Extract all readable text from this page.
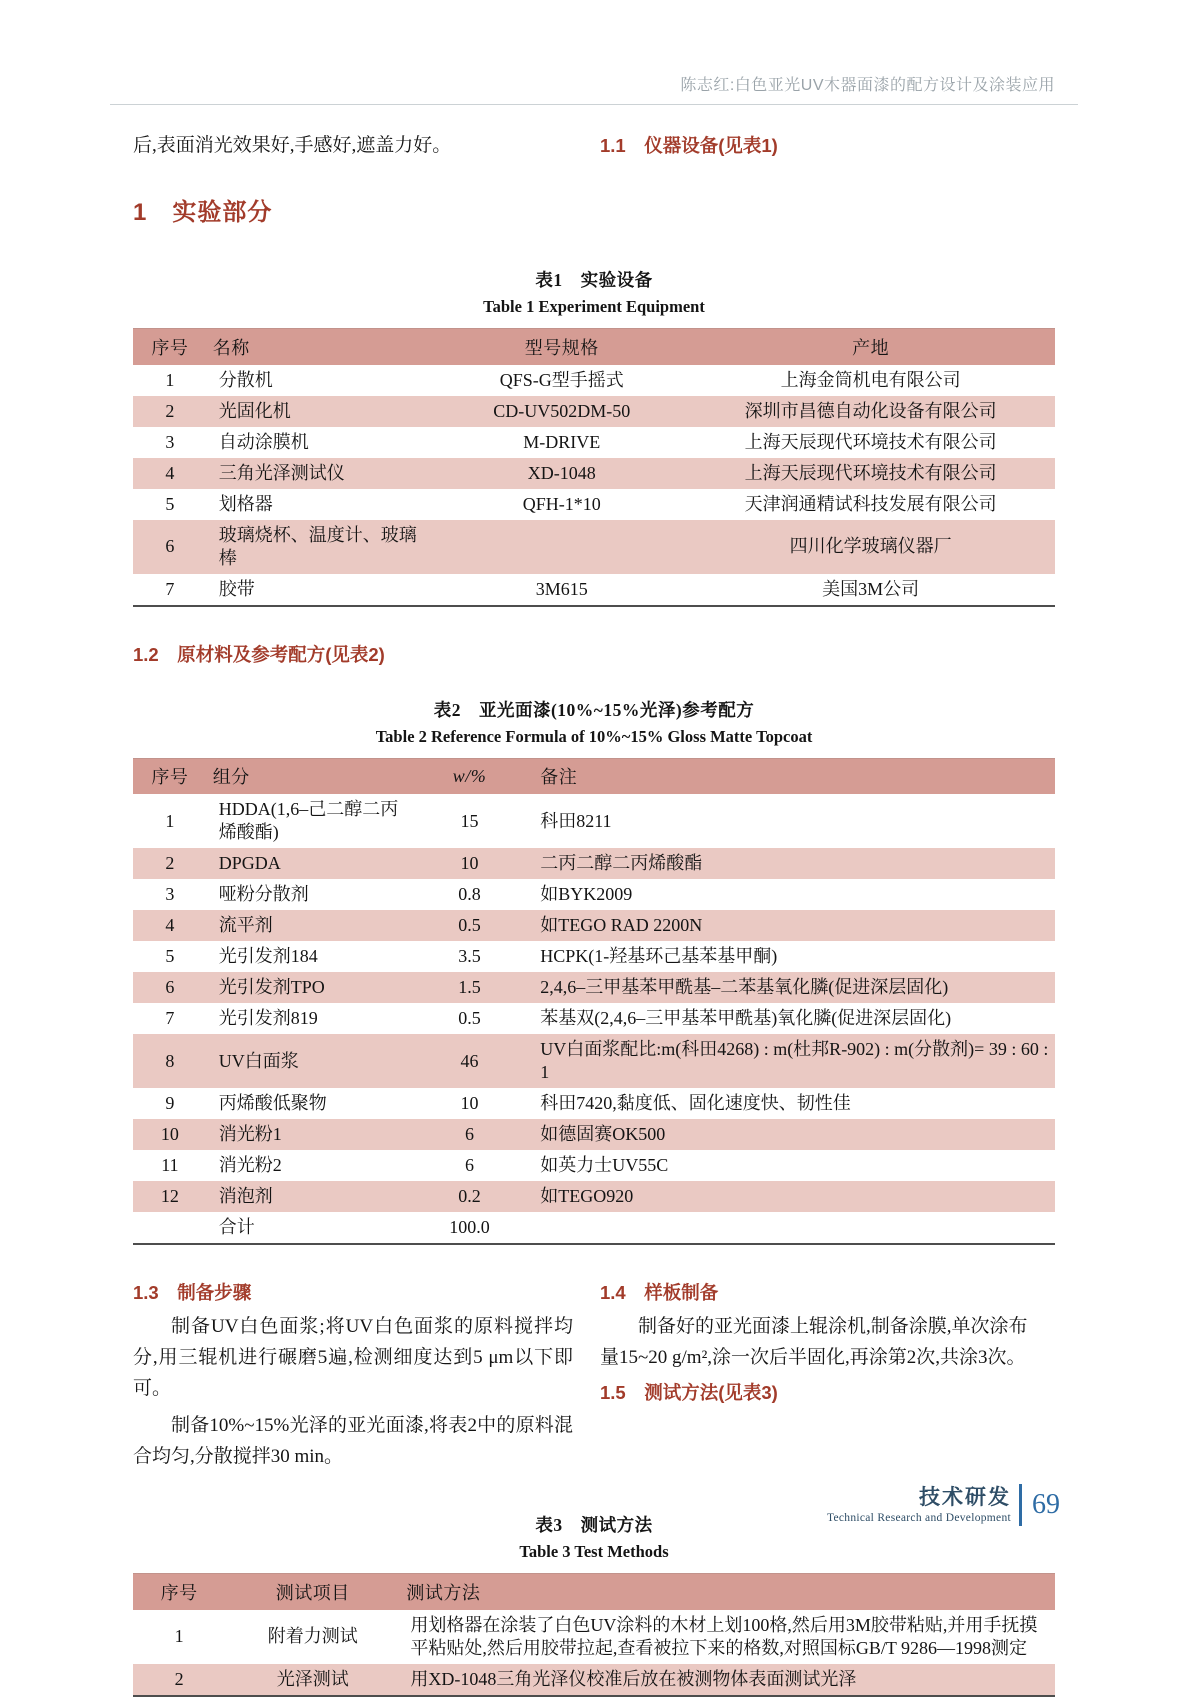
陈志红:白色亚光UV木器面漆的配方设计及涂装应用

后,表面消光效果好,手感好,遮盖力好。	1.1　仪器设备(见表1)
1　实验部分
表1　实验设备
Table 1 Experiment Equipment
序号	名称	型号规格	产地
1	分散机	QFS-G型手摇式	上海金筒机电有限公司
2	光固化机	CD-UV502DM-50	深圳市昌德自动化设备有限公司
3	自动涂膜机	M-DRIVE	上海天辰现代环境技术有限公司
4	三角光泽测试仪	XD-1048	上海天辰现代环境技术有限公司
5	划格器	QFH-1*10	天津润通精试科技发展有限公司
6	玻璃烧杯、温度计、玻璃棒		四川化学玻璃仪器厂
7	胶带	3M615	美国3M公司
1.2　原材料及参考配方(见表2)
表2　亚光面漆(10%~15%光泽)参考配方
Table 2 Reference Formula of 10%~15% Gloss Matte Topcoat
序号	组分	w/%	备注
1	HDDA(1,6–己二醇二丙烯酸酯)	15	科田8211
2	DPGDA	10	二丙二醇二丙烯酸酯
3	哑粉分散剂	0.8	如BYK2009
4	流平剂	0.5	如TEGO RAD 2200N
5	光引发剂184	3.5	HCPK(1-羟基环己基苯基甲酮)
6	光引发剂TPO	1.5	2,4,6–三甲基苯甲酰基–二苯基氧化膦(促进深层固化)
7	光引发剂819	0.5	苯基双(2,4,6–三甲基苯甲酰基)氧化膦(促进深层固化)
8	UV白面浆	46	UV白面浆配比:m(科田4268) : m(杜邦R-902) : m(分散剂)= 39 : 60 : 1
9	丙烯酸低聚物	10	科田7420,黏度低、固化速度快、韧性佳
10	消光粉1	6	如德固赛OK500
11	消光粉2	6	如英力士UV55C
12	消泡剂	0.2	如TEGO920
	合计	100.0	
1.3　制备步骤

制备UV白色面浆;将UV白色面浆的原料搅拌均分,用三辊机进行碾磨5遍,检测细度达到5 μm以下即可。

制备10%~15%光泽的亚光面漆,将表2中的原料混合均匀,分散搅拌30 min。

1.4　样板制备

制备好的亚光面漆上辊涂机,制备涂膜,单次涂布
量15~20 g/m²,涂一次后半固化,再涂第2次,共涂3次。

1.5　测试方法(见表3)
表3　测试方法
Table 3 Test Methods
序号	测试项目	测试方法
1	附着力测试	用划格器在涂装了白色UV涂料的木材上划100格,然后用3M胶带粘贴,并用手抚摸平粘贴处,然后用胶带拉起,查看被拉下来的格数,对照国标GB/T 9286—1998测定
2	光泽测试	用XD-1048三角光泽仪校准后放在被测物体表面测试光泽
技术研发
Technical Research and Development 69
